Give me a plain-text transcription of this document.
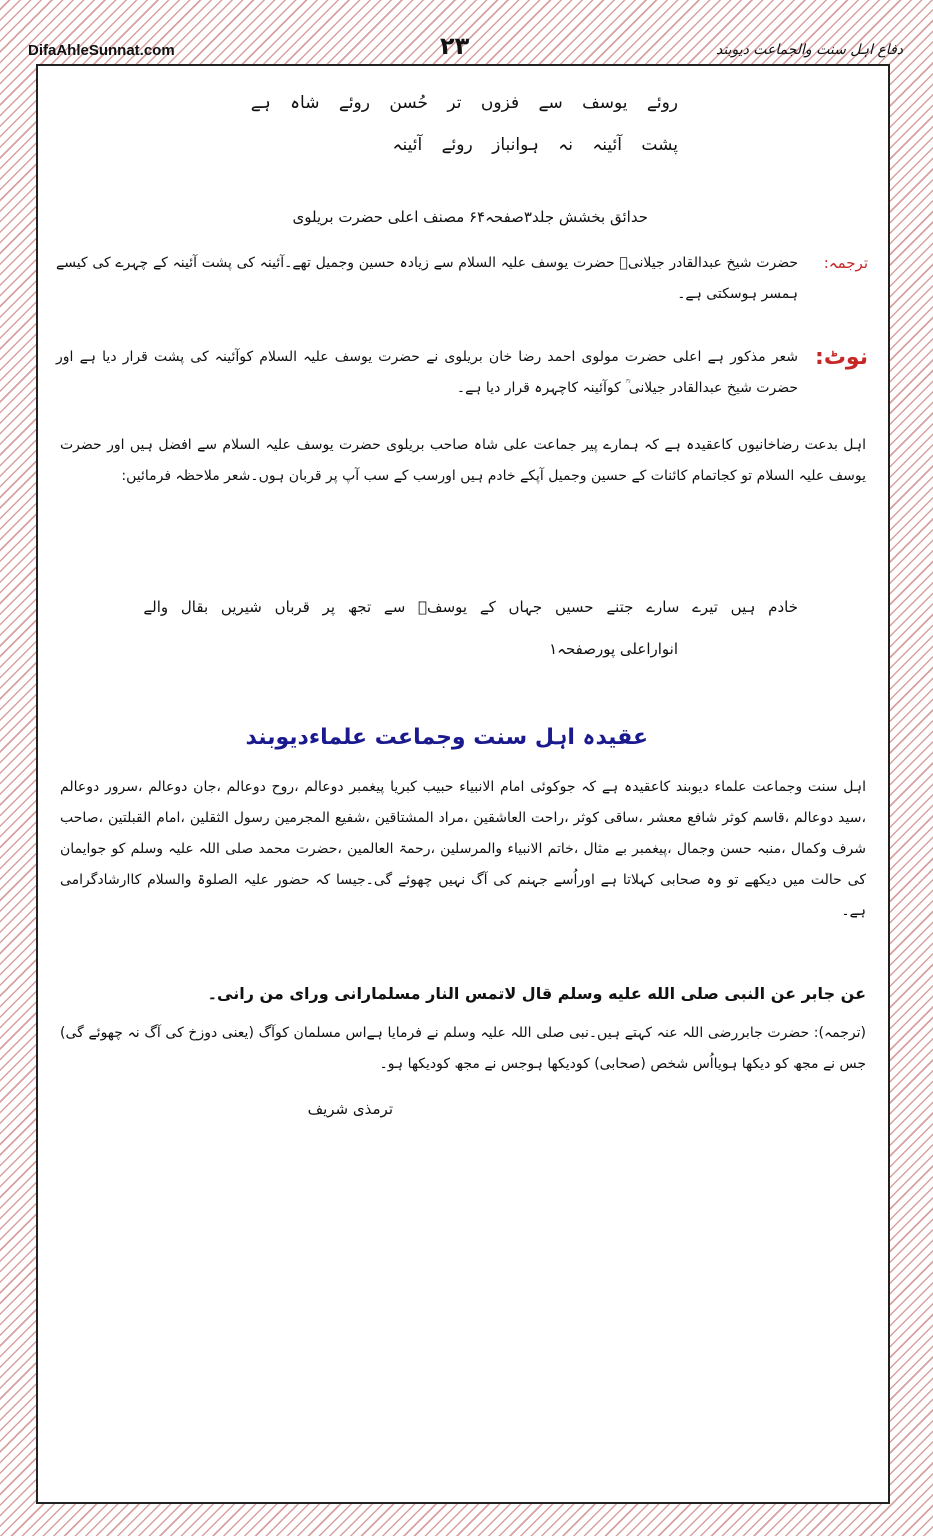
DifaAhleSunnat.com	۲۳	دفاع اہل سنت والجماعت دیوبند
روئے یوسف سے فزوں تر حُسن روئے شاہ ہے
پشت آئینہ نہ ہوانباز روئے آئینہ
حدائق بخشش جلد۳صفحہ۶۴ مصنف اعلی حضرت بریلوی
ترجمہ:
حضرت شیخ عبدالقادر جیلانیؒ حضرت یوسف علیہ السلام سے زیادہ حسین وجمیل تھے۔آئینہ کی پشت آئینہ کے چہرے کی کیسے ہمسر ہوسکتی ہے۔
نوٹ:
شعر مذکور ہے اعلی حضرت مولوی احمد رضا خان بریلوی نے حضرت یوسف علیہ السلام کوآئینہ کی پشت قرار دیا ہے اور حضرت شیخ عبدالقادر جیلانی ؒ کوآئینہ کاچہرہ قرار دیا ہے۔
اہل بدعت رضاخانیوں کاعقیدہ ہے کہ ہمارے پیر جماعت علی شاہ صاحب بریلوی حضرت یوسف علیہ السلام سے افضل ہیں اور حضرت یوسف علیہ السلام تو کجاتمام کائنات کے حسین وجمیل آپکے خادم ہیں اورسب کے سب آپ پر قربان ہوں۔شعر ملاحظہ فرمائیں:
خادم ہیں تیرے سارے جتنے حسیں جہاں کے یوسفؑ سے تجھ پر قرباں شیریں بقال والے
انواراعلی پورصفحہ۱
عقیدہ اہل سنت وجماعت علماءدیوبند
اہل سنت وجماعت علماء دیوبند کاعقیدہ ہے کہ جوکوئی امام الانبیاء حبیب کبریا پیغمبر دوعالم ،روح دوعالم ،جان دوعالم ،سرور دوعالم ،سید دوعالم ،قاسم کوثر شافع معشر ،ساقی کوثر ،راحت العاشقین ،مراد المشتاقین ،شفیع المجرمین رسول الثقلین ،امام القبلتین ،صاحب شرف وکمال ،منبہ حسن وجمال ،پیغمبر بے مثال ،خاتم الانبیاء والمرسلین ،رحمۃ العالمین ،حضرت محمد صلی اللہ علیہ وسلم کو جوایمان کی حالت میں دیکھے تو وہ صحابی کہلاتا ہے اوراُسے جہنم کی آگ نہیں چھوئے گی۔جیسا کہ حضور علیہ الصلوۃ والسلام کاارشادگرامی ہے۔
عن جابر عن النبی صلی الله علیه وسلم قال لاتمس النار مسلمارانی ورای من رانی۔
(ترجمہ): حضرت جابررضی اللہ عنہ کہتے ہیں۔نبی صلی اللہ علیہ وسلم نے فرمایا ہےاس مسلمان کوآگ (یعنی دوزخ کی آگ نہ چھوئے گی) جس نے مجھ کو دیکھا ہویااُس شخص (صحابی) کودیکھا ہوجس نے مجھ کودیکھا ہو۔
ترمذی شریف
